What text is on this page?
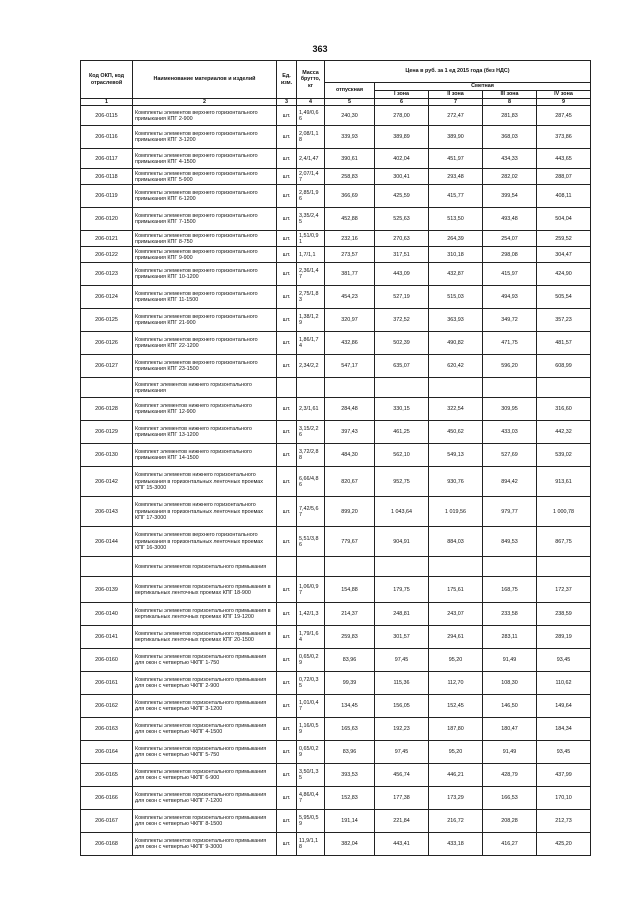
363
Код ОКП, код отраслевой	Наименование материалов и изделий	Ед. изм.	Масса брутто, кг	Цена в руб. за 1 ед 2015 года (без НДС)				
				отпускная	Сметная			
					I зона	II зона	III зона	IV зона
1	2	3	4	5	6	7	8	9
206-0115	Комплекты элементов верхнего горизонтального примыкания КПГ 2-900	шт.	1,49/0,6 6	240,30	278,00	272,47	281,83	287,45
206-0116	Комплекты элементов верхнего горизонтального примыкания КПГ 3-1200	шт.	2,08/1,1 8	339,93	389,89	389,90	368,03	373,86
206-0117	Комплекты элементов верхнего горизонтального примыкания КПГ 4-1500	шт.	2,4/1,47	390,61	402,04	451,97	434,33	443,65
206-0118	Комплекты элементов верхнего горизонтального примыкания КПГ 5-900	шт.	2,07/1,4 7	258,83	300,41	293,48	282,02	288,07
206-0119	Комплекты элементов верхнего горизонтального примыкания КПГ 6-1200	шт.	2,85/1,9 6	366,69	425,59	415,77	399,54	408,11
206-0120	Комплекты элементов верхнего горизонтального примыкания КПГ 7-1500	шт.	3,35/2,4 5	452,88	525,63	513,50	493,48	504,04
206-0121	Комплекты элементов верхнего горизонтального примыкания КПГ 8-750	шт.	1,51/0,9 1	232,16	270,63	264,39	254,07	259,52
206-0122	Комплекты элементов верхнего горизонтального примыкания КПГ 9-900	шт.	1,7/1,1	273,57	317,51	310,18	298,08	304,47
206-0123	Комплекты элементов верхнего горизонтального примыкания КПГ 10-1200	шт.	2,36/1,4 7	381,77	443,09	432,87	415,97	424,90
206-0124	Комплекты элементов верхнего горизонтального примыкания КПГ 11-1500	шт.	2,75/1,8 3	454,23	527,19	515,03	494,93	505,54
206-0125	Комплекты элементов верхнего горизонтального примыкания КПГ 21-900	шт.	1,38/1,2 9	320,97	372,52	363,93	349,72	357,23
206-0126	Комплекты элементов верхнего горизонтального примыкания КПГ 22-1200	шт.	1,86/1,7 4	432,86	502,39	490,82	471,75	481,57
206-0127	Комплекты элементов верхнего горизонтального примыкания КПГ 23-1500	шт.	2,34/2,2	547,17	635,07	620,42	596,20	608,99
	Комплект элементов нижнего горизонтального примыкания							
206-0128	Комплект элементов нижнего горизонтального примыкания КПГ 12-900	шт.	2,3/1,61	284,48	330,15	322,54	309,95	316,60
206-0129	Комплект элементов нижнего горизонтального примыкания КПГ 13-1200	шт.	3,15/2,2 6	397,43	461,25	450,62	433,03	442,32
206-0130	Комплект элементов нижнего горизонтального примыкания КПГ 14-1500	шт.	3,72/2,8 8	484,30	562,10	549,13	527,69	539,02
206-0142	Комплекты элементов нижнего горизонтального примыкания в горизонтальных ленточных проемах КПГ 15-3000	шт.	6,66/4,8 6	820,67	952,75	930,76	894,42	913,61
206-0143	Комплекты элементов нижнего горизонтального примыкания в горизонтальных ленточных проемах КПГ 17-3000	шт.	7,42/5,6 7	899,20	1 043,64	1 019,56	979,77	1 000,78
206-0144	Комплекты элементов верхнего горизонтального примыкания в горизонтальных ленточных проемах КПГ 16-3000	шт.	5,51/3,8 6	779,67	904,91	884,03	849,53	867,75
	Комплекты элементов горизонтального примыкания							
206-0139	Комплекты элементов горизонтального примыкания в вертикальных ленточных проемах КПГ 18-900	шт.	1,06/0,9 7	154,88	179,75	175,61	168,75	172,37
206-0140	Комплекты элементов горизонтального примыкания в вертикальных ленточных проемах КПГ 19-1200	шт.	1,42/1,3	214,37	248,81	243,07	233,58	238,59
206-0141	Комплекты элементов горизонтального примыкания в вертикальных ленточных проемах КПГ 20-1500	шт.	1,79/1,6 4	259,83	301,57	294,61	283,11	289,19
206-0160	Комплекты элементов горизонтального примыкания для окон с четвертью ЧКПГ 1-750	шт.	0,65/0,2 9	83,96	97,45	95,20	91,49	93,45
206-0161	Комплекты элементов горизонтального примыкания для окон с четвертью ЧКПГ 2-900	шт.	0,72/0,3 5	99,39	115,36	112,70	108,30	110,62
206-0162	Комплекты элементов горизонтального примыкания для окон с четвертью ЧКПГ 3-1200	шт.	1,01/0,4 7	134,45	156,05	152,45	146,50	149,64
206-0163	Комплекты элементов горизонтального примыкания для окон с четвертью ЧКПГ 4-1500	шт.	1,16/0,5 9	165,63	192,23	187,80	180,47	184,34
206-0164	Комплекты элементов горизонтального примыкания для окон с четвертью ЧКПГ 5-750	шт.	0,65/0,2 9	83,96	97,45	95,20	91,49	93,45
206-0165	Комплекты элементов горизонтального примыкания для окон с четвертью ЧКПГ 6-900	шт.	3,50/1,3 5	393,53	456,74	446,21	428,79	437,99
206-0166	Комплекты элементов горизонтального примыкания для окон с четвертью ЧКПГ 7-1200	шт.	4,86/0,4 7	152,83	177,38	173,29	166,53	170,10
206-0167	Комплекты элементов горизонтального примыкания для окон с четвертью ЧКПГ 8-1500	шт.	5,95/0,5 9	191,14	221,84	216,72	208,28	212,73
206-0168	Комплекты элементов горизонтального примыкания для окон с четвертью ЧКПГ 9-3000	шт.	11,9/1,1 8	382,04	443,41	433,18	416,27	425,20
